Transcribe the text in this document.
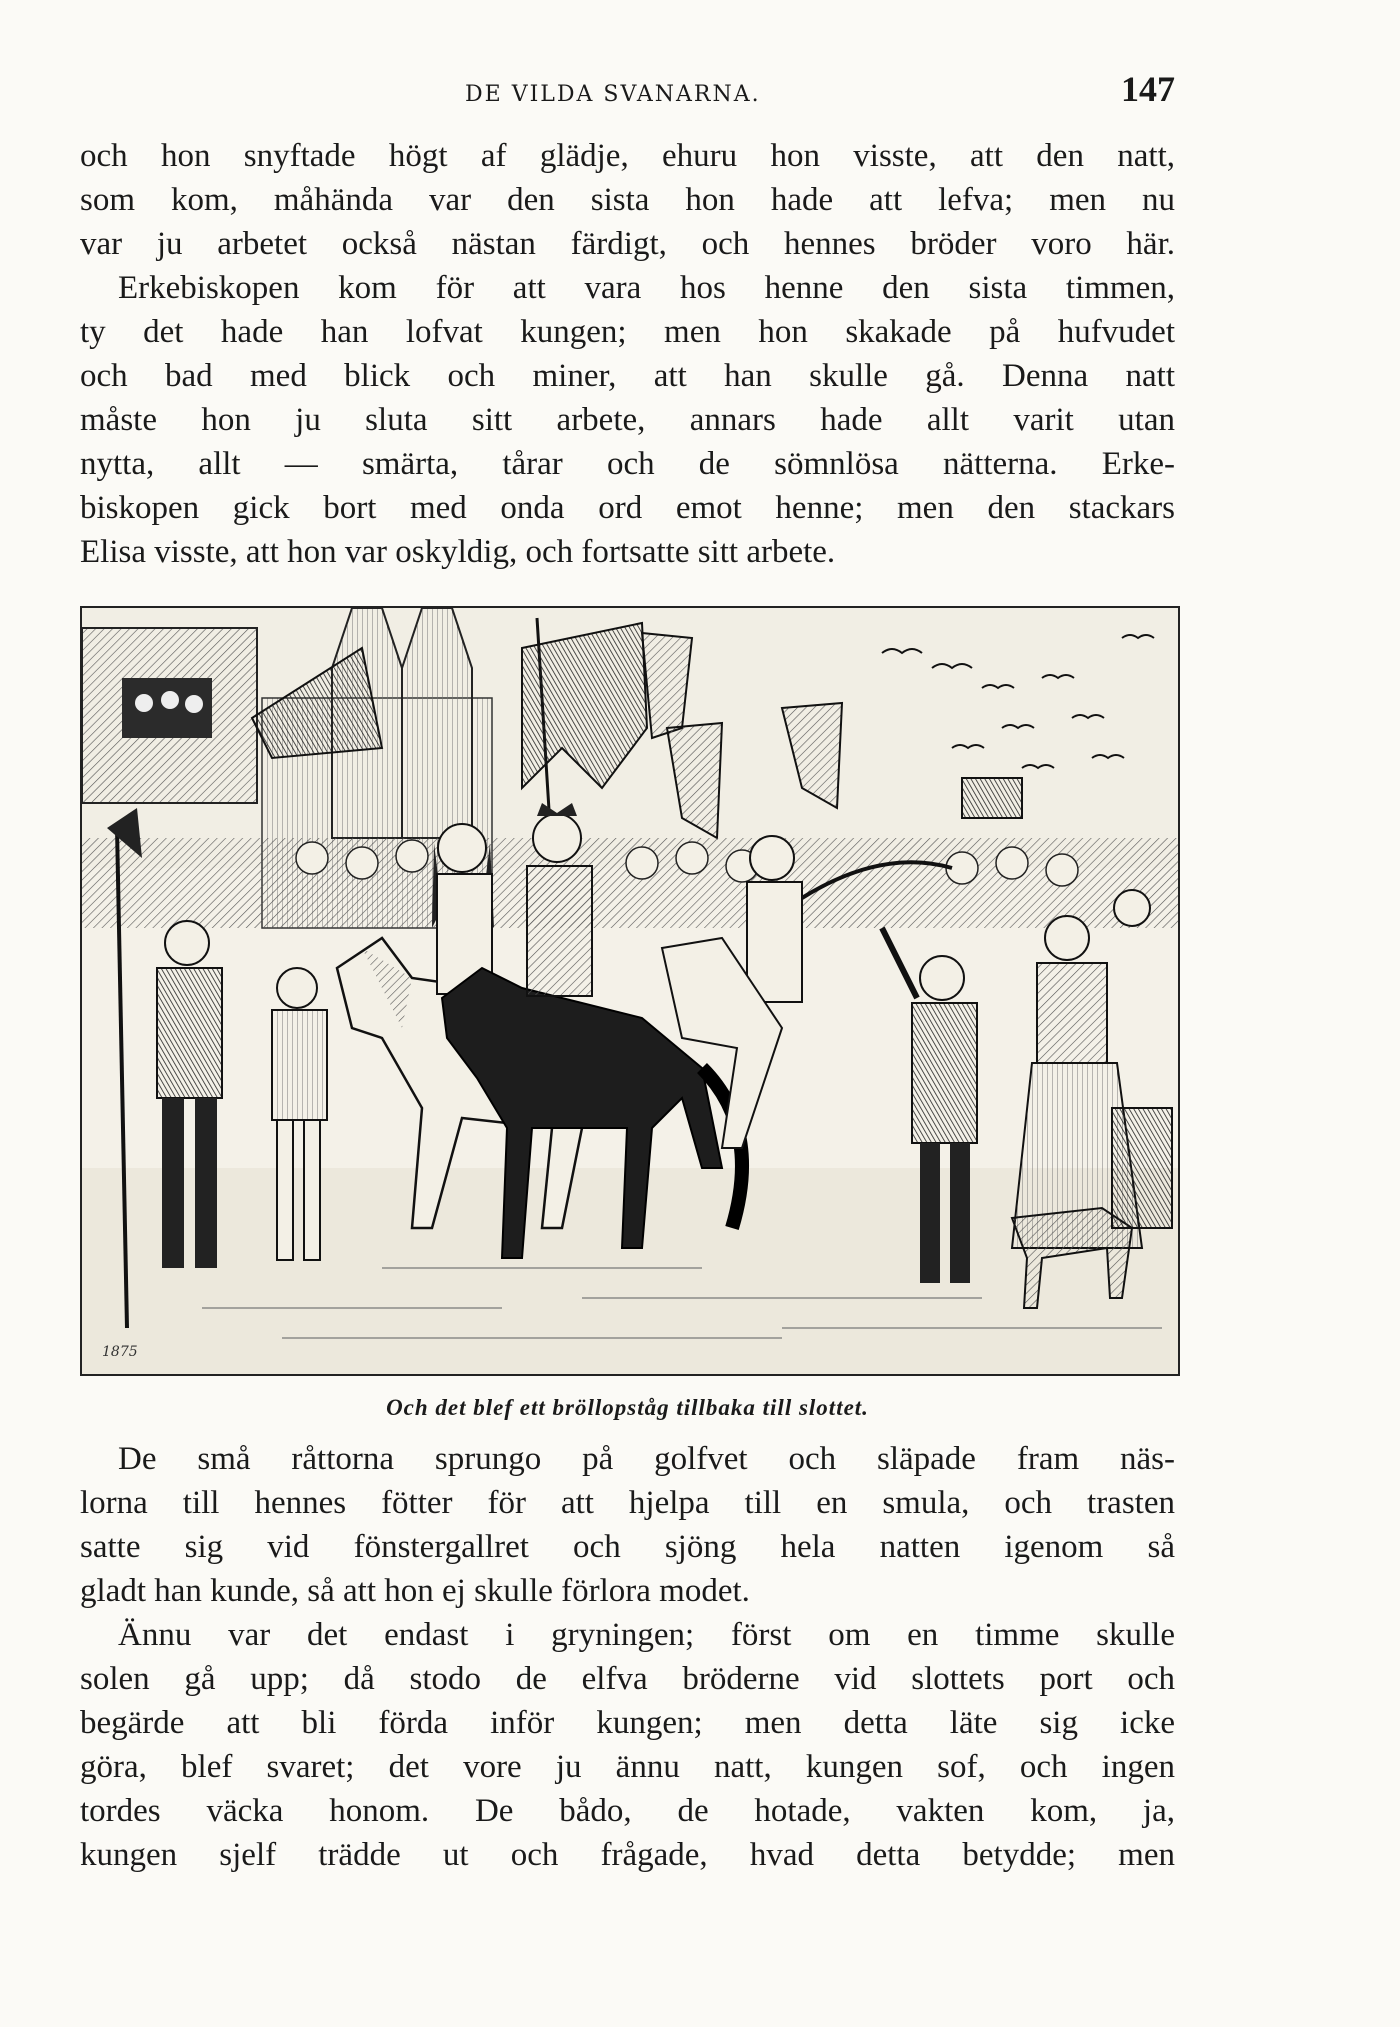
DE VILDA SVANARNA.	147
och hon snyftade högt af glädje, ehuru hon visste, att den natt,
som kom, måhända var den sista hon hade att lefva; men nu
var ju arbetet också nästan färdigt, och hennes bröder voro här.
Erkebiskopen kom för att vara hos henne den sista timmen,
ty det hade han lofvat kungen; men hon skakade på hufvudet
och bad med blick och miner, att han skulle gå. Denna natt
måste hon ju sluta sitt arbete, annars hade allt varit utan
nytta, allt — smärta, tårar och de sömnlösa nätterna. Erke-
biskopen gick bort med onda ord emot henne; men den stackars
Elisa visste, att hon var oskyldig, och fortsatte sitt arbete.
1875
Och det blef ett bröllopståg tillbaka till slottet.
De små råttorna sprungo på golfvet och släpade fram näs-
lorna till hennes fötter för att hjelpa till en smula, och trasten
satte sig vid fönstergallret och sjöng hela natten igenom så
gladt han kunde, så att hon ej skulle förlora modet.
Ännu var det endast i gryningen; först om en timme skulle
solen gå upp; då stodo de elfva bröderne vid slottets port och
begärde att bli förda inför kungen; men detta läte sig icke
göra, blef svaret; det vore ju ännu natt, kungen sof, och ingen
tordes väcka honom. De bådo, de hotade, vakten kom, ja,
kungen sjelf trädde ut och frågade, hvad detta betydde; men
